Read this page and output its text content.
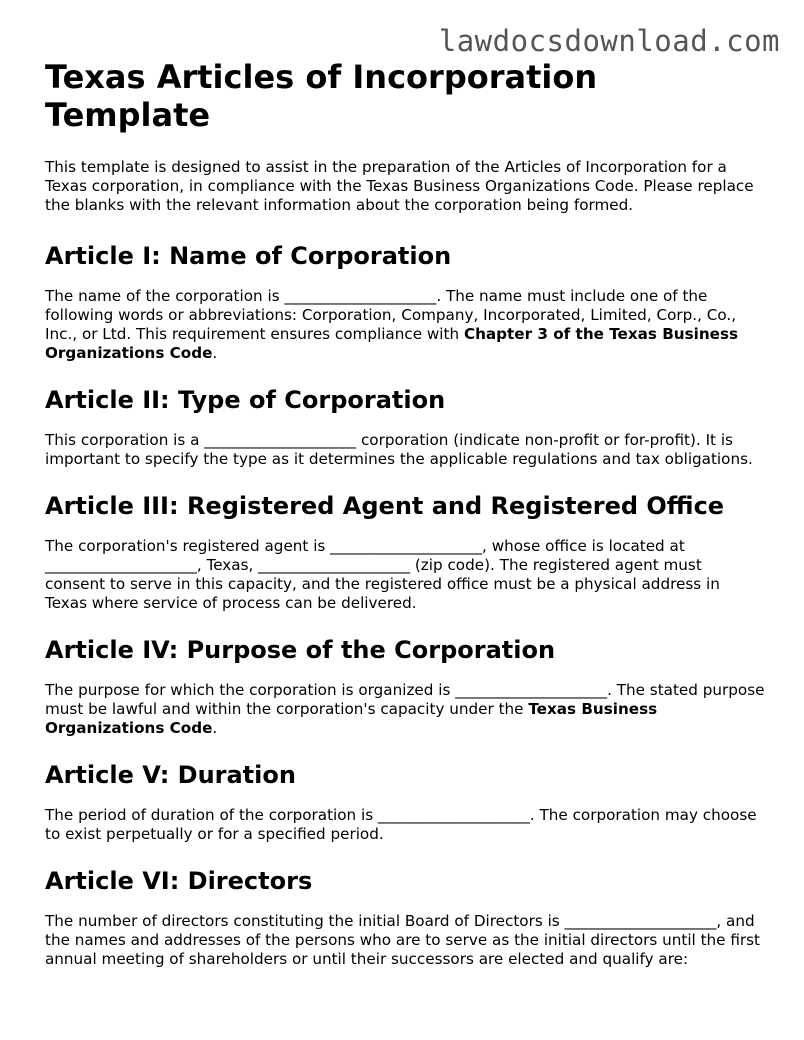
lawdocsdownload.com
Texas Articles of Incorporation Template

This template is designed to assist in the preparation of the Articles of Incorporation for a Texas corporation, in compliance with the Texas Business Organizations Code. Please replace the blanks with the relevant information about the corporation being formed.

Article I: Name of Corporation

The name of the corporation is ____________________. The name must include one of the following words or abbreviations: Corporation, Company, Incorporated, Limited, Corp., Co., Inc., or Ltd. This requirement ensures compliance with Chapter 3 of the Texas Business Organizations Code.

Article II: Type of Corporation

This corporation is a ____________________ corporation (indicate non-profit or for-profit). It is important to specify the type as it determines the applicable regulations and tax obligations.

Article III: Registered Agent and Registered Office

The corporation's registered agent is ____________________, whose office is located at ____________________, Texas, ____________________ (zip code). The registered agent must consent to serve in this capacity, and the registered office must be a physical address in Texas where service of process can be delivered.

Article IV: Purpose of the Corporation

The purpose for which the corporation is organized is ____________________. The stated purpose must be lawful and within the corporation's capacity under the Texas Business Organizations Code.

Article V: Duration

The period of duration of the corporation is ____________________. The corporation may choose to exist perpetually or for a specified period.

Article VI: Directors

The number of directors constituting the initial Board of Directors is ____________________, and the names and addresses of the persons who are to serve as the initial directors until the first annual meeting of shareholders or until their successors are elected and qualify are:
